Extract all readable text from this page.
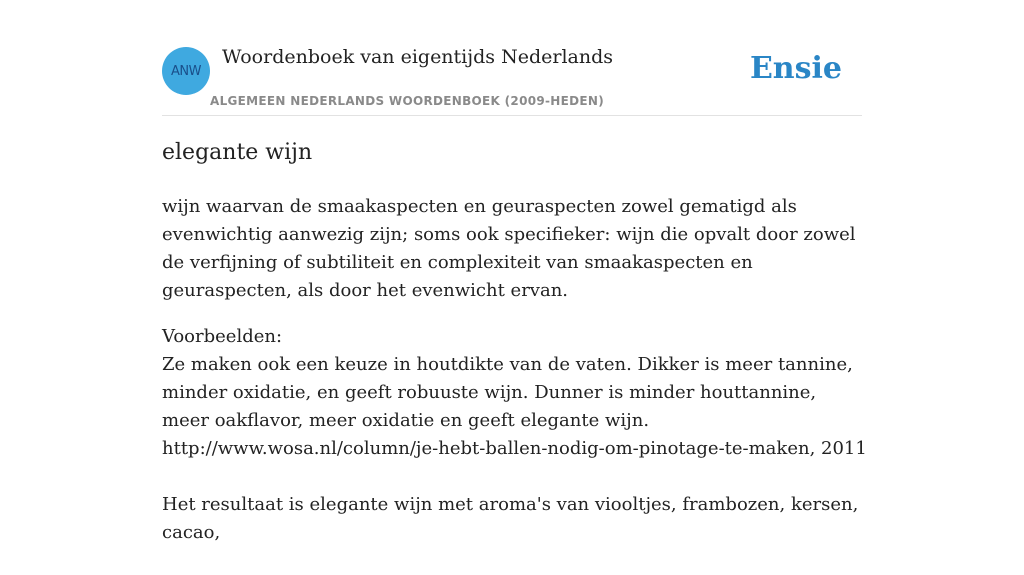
ANW
Woordenboek van eigentijds Nederlands
ALGEMEEN NEDERLANDS WOORDENBOEK (2009-HEDEN)
Ensie
elegante wijn
wijn waarvan de smaakaspecten en geuraspecten zowel gematigd als evenwichtig aanwezig zijn; soms ook specifieker: wijn die opvalt door zowel de verfijning of subtiliteit en complexiteit van smaakaspecten en geuraspecten, als door het evenwicht ervan.

Voorbeelden:

Ze maken ook een keuze in houtdikte van de vaten. Dikker is meer tannine, minder oxidatie, en geeft robuuste wijn. Dunner is minder houttannine, meer oakflavor, meer oxidatie en geeft elegante wijn.

http://www.wosa.nl/column/je-hebt-ballen-nodig-om-pinotage-te-maken, 2011

Het resultaat is elegante wijn met aroma's van viooltjes, frambozen, kersen, cacao,
